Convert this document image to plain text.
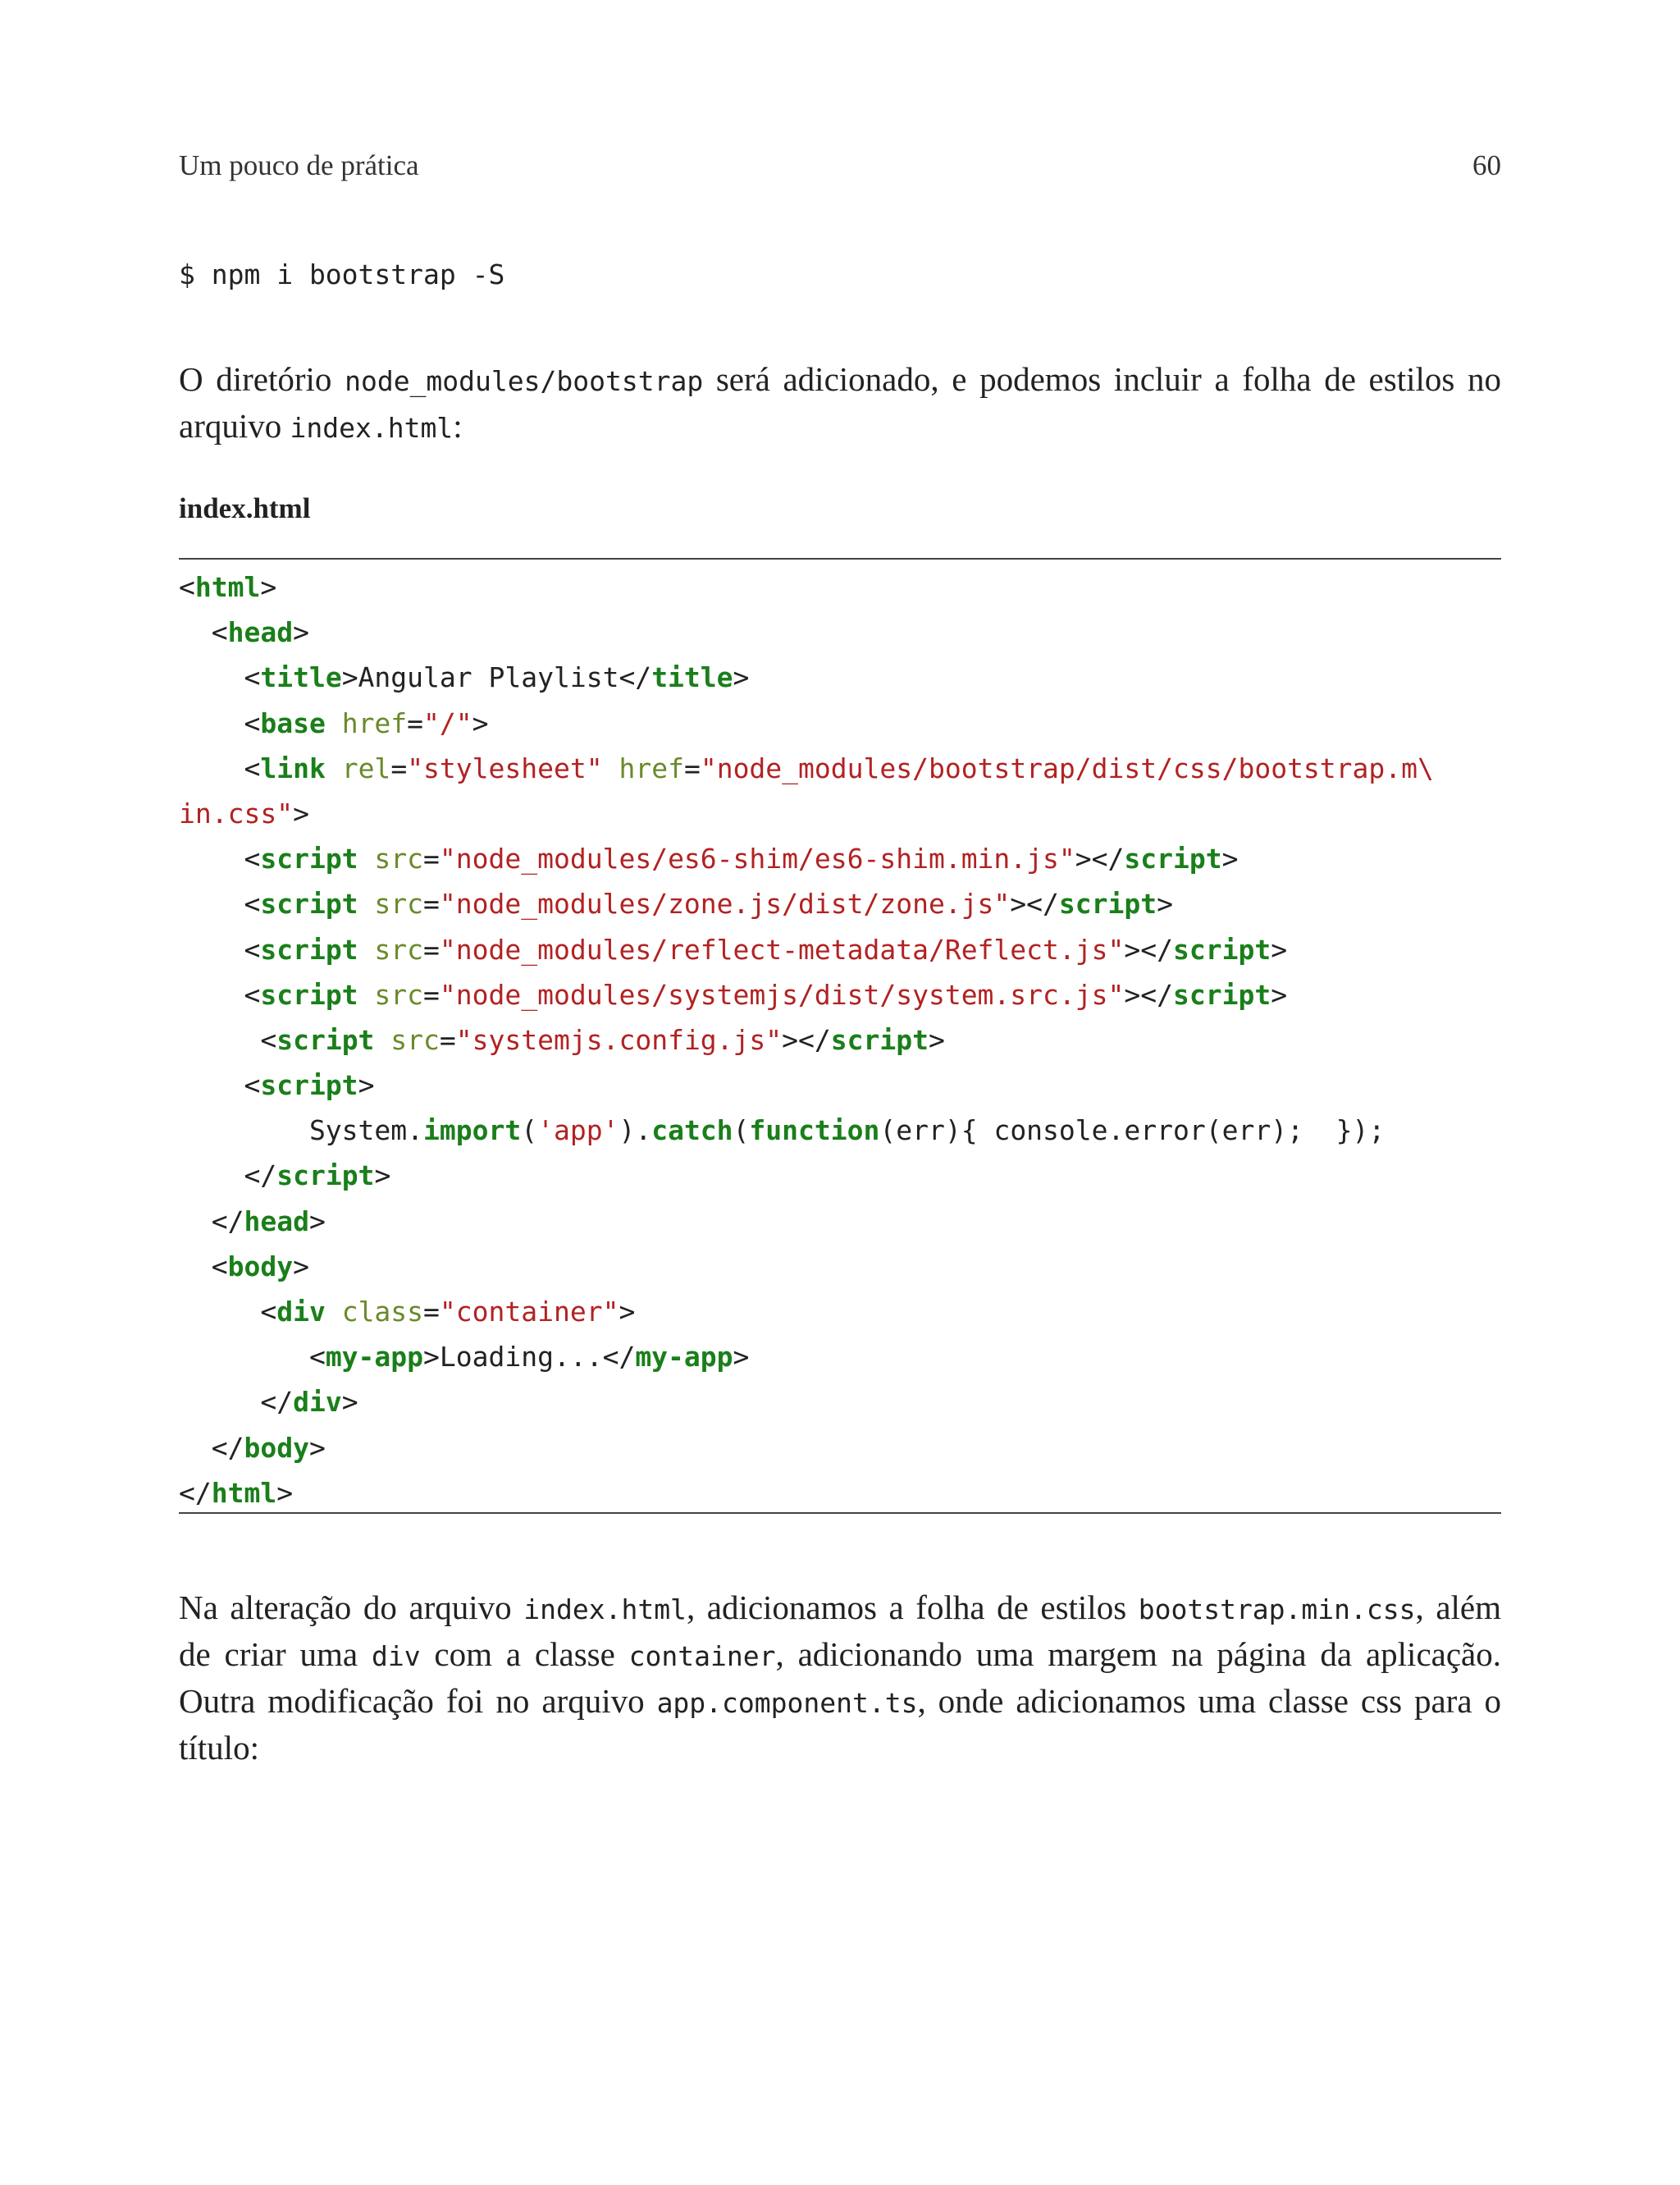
Um pouco de prática	60
$ npm i bootstrap -S

O diretório node_modules/bootstrap será adicionado, e podemos incluir a folha de estilos no arquivo index.html:

index.html
<html>
<head>
<title>Angular Playlist</title>
<base href="/">
<link rel="stylesheet" href="node_modules/bootstrap/dist/css/bootstrap.m\
in.css">
<script src="node_modules/es6-shim/es6-shim.min.js"></script>
<script src="node_modules/zone.js/dist/zone.js"></script>
<script src="node_modules/reflect-metadata/Reflect.js"></script>
<script src="node_modules/systemjs/dist/system.src.js"></script>
<script src="systemjs.config.js"></script>
<script>
System.import('app').catch(function(err){ console.error(err);  });
</script>
</head>
<body>
<div class="container">
<my-app>Loading...</my-app>
</div>
</body>
</html>

Na alteração do arquivo index.html, adicionamos a folha de estilos bootstrap.min.css, além de criar uma div com a classe container, adicionando uma margem na página da aplicação. Outra modificação foi no arquivo app.component.ts, onde adicionamos uma classe css para o título:
